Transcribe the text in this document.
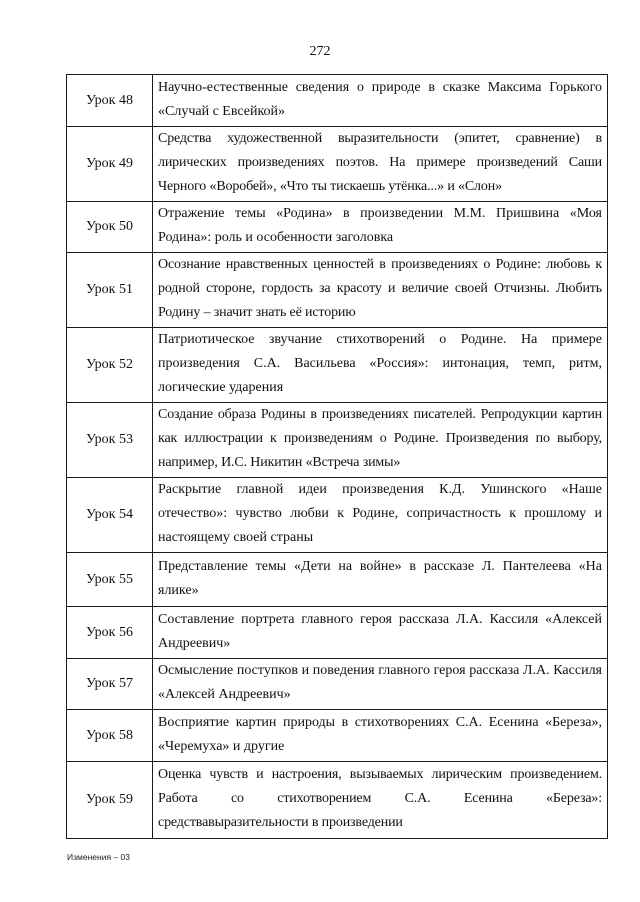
272
Урок 48	Научно-естественные сведения о природе в сказке Максима Горького «Случай с Евсейкой»
Урок 49	Средства художественной выразительности (эпитет, сравнение) в лирических произведениях поэтов. На примере произведений Саши Черного «Воробей», «Что ты тискаешь утёнка...» и «Слон»
Урок 50	Отражение темы «Родина» в произведении М.М. Пришвина «Моя Родина»: роль и особенности заголовка
Урок 51	Осознание нравственных ценностей в произведениях о Родине: любовь к родной стороне, гордость за красоту и величие своей Отчизны. Любить Родину – значит знать её историю
Урок 52	Патриотическое звучание стихотворений о Родине. На примере произведения С.А. Васильева «Россия»: интонация, темп, ритм, логические ударения
Урок 53	Создание образа Родины в произведениях писателей. Репродукции картин как иллюстрации к произведениям о Родине. Произведения по выбору, например, И.С. Никитин «Встреча зимы»
Урок 54	Раскрытие главной идеи произведения К.Д. Ушинского «Наше отечество»: чувство любви к Родине, сопричастность к прошлому и настоящему своей страны
Урок 55	Представление темы «Дети на войне» в рассказе Л. Пантелеева «На ялике»
Урок 56	Составление портрета главного героя рассказа Л.А. Кассиля «Алексей Андреевич»
Урок 57	Осмысление поступков и поведения главного героя рассказа Л.А. Кассиля «Алексей Андреевич»
Урок 58	Восприятие картин природы в стихотворениях С.А. Есенина «Береза», «Черемуха» и другие
Урок 59	Оценка чувств и настроения, вызываемых лирическим произведением. Работа со стихотворением С.А. Есенина «Береза»: средствавыразительности в произведении
Изменения – 03
